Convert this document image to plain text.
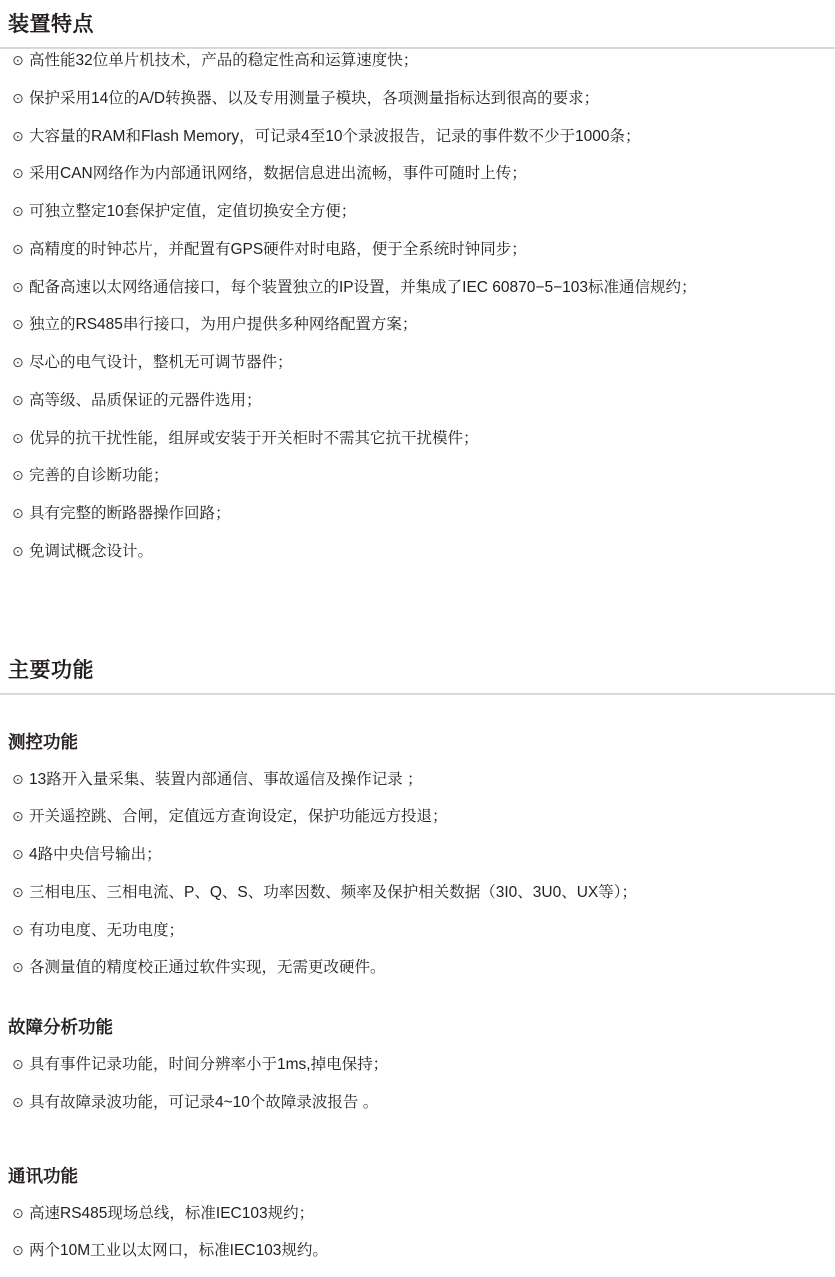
装置特点
⊙ 高性能32位单片机技术，产品的稳定性高和运算速度快；
⊙ 保护采用14位的A/D转换器、以及专用测量子模块，各项测量指标达到很高的要求；
⊙ 大容量的RAM和Flash Memory，可记录4至10个录波报告，记录的事件数不少于1000条；
⊙ 采用CAN网络作为内部通讯网络，数据信息进出流畅，事件可随时上传；
⊙ 可独立整定10套保护定值，定值切换安全方便；
⊙ 高精度的时钟芯片，并配置有GPS硬件对时电路，便于全系统时钟同步；
⊙ 配备高速以太网络通信接口，每个装置独立的IP设置，并集成了IEC 60870−5−103标准通信规约；
⊙ 独立的RS485串行接口，为用户提供多种网络配置方案；
⊙ 尽心的电气设计，整机无可调节器件；
⊙ 高等级、品质保证的元器件选用；
⊙ 优异的抗干扰性能，组屏或安装于开关柜时不需其它抗干扰模件；
⊙ 完善的自诊断功能；
⊙ 具有完整的断路器操作回路；
⊙ 免调试概念设计。
主要功能
测控功能
⊙ 13路开入量采集、装置内部通信、事故遥信及操作记录 ；
⊙ 开关遥控跳、合闸，定值远方查询设定，保护功能远方投退；
⊙ 4路中央信号输出；
⊙ 三相电压、三相电流、P、Q、S、功率因数、频率及保护相关数据（3I0、3U0、UX等）；
⊙ 有功电度、无功电度；
⊙ 各测量值的精度校正通过软件实现，无需更改硬件。
故障分析功能
⊙ 具有事件记录功能，时间分辨率小于1ms,掉电保持；
⊙ 具有故障录波功能，可记录4~10个故障录波报告 。
通讯功能
⊙ 高速RS485现场总线，标准IEC103规约；
⊙ 两个10M工业以太网口，标准IEC103规约。
